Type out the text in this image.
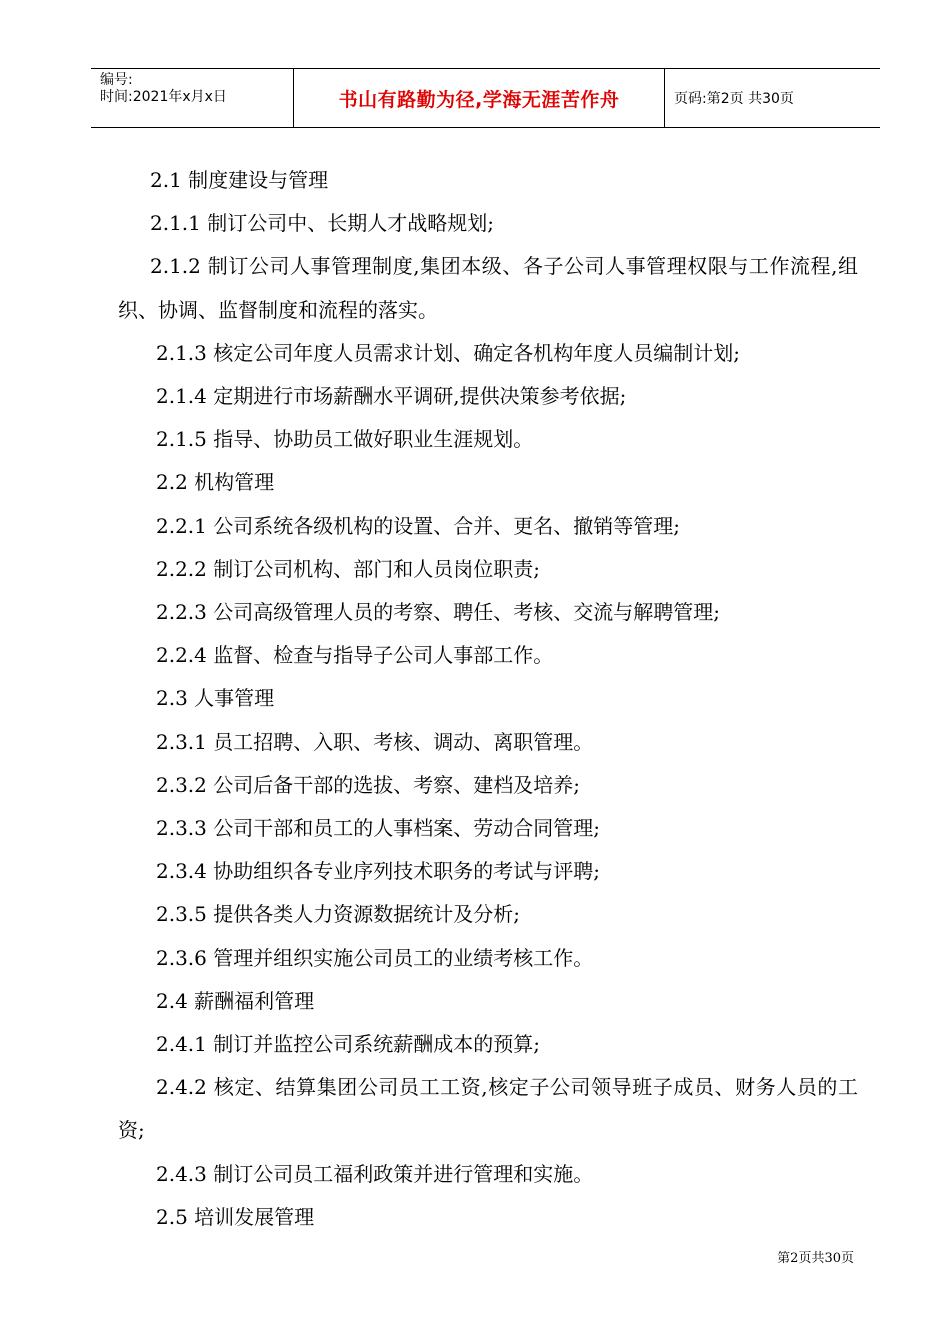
编号:
时间:2021年x月x日	书山有路勤为径,学海无涯苦作舟	页码:第2页 共30页

2.1 制度建设与管理

2.1.1 制订公司中、长期人才战略规划;

2.1.2 制订公司人事管理制度,集团本级、各子公司人事管理权限与工作流程,组织、协调、监督制度和流程的落实。

2.1.3 核定公司年度人员需求计划、确定各机构年度人员编制计划;

2.1.4 定期进行市场薪酬水平调研,提供决策参考依据;

2.1.5 指导、协助员工做好职业生涯规划。

2.2 机构管理

2.2.1 公司系统各级机构的设置、合并、更名、撤销等管理;

2.2.2 制订公司机构、部门和人员岗位职责;

2.2.3 公司高级管理人员的考察、聘任、考核、交流与解聘管理;

2.2.4 监督、检查与指导子公司人事部工作。

2.3 人事管理

2.3.1 员工招聘、入职、考核、调动、离职管理。

2.3.2 公司后备干部的选拔、考察、建档及培养;

2.3.3 公司干部和员工的人事档案、劳动合同管理;

2.3.4 协助组织各专业序列技术职务的考试与评聘;

2.3.5 提供各类人力资源数据统计及分析;

2.3.6 管理并组织实施公司员工的业绩考核工作。

2.4 薪酬福利管理

2.4.1 制订并监控公司系统薪酬成本的预算;

2.4.2 核定、结算集团公司员工工资,核定子公司领导班子成员、财务人员的工资;

2.4.3 制订公司员工福利政策并进行管理和实施。

2.5 培训发展管理

第2页共30页
